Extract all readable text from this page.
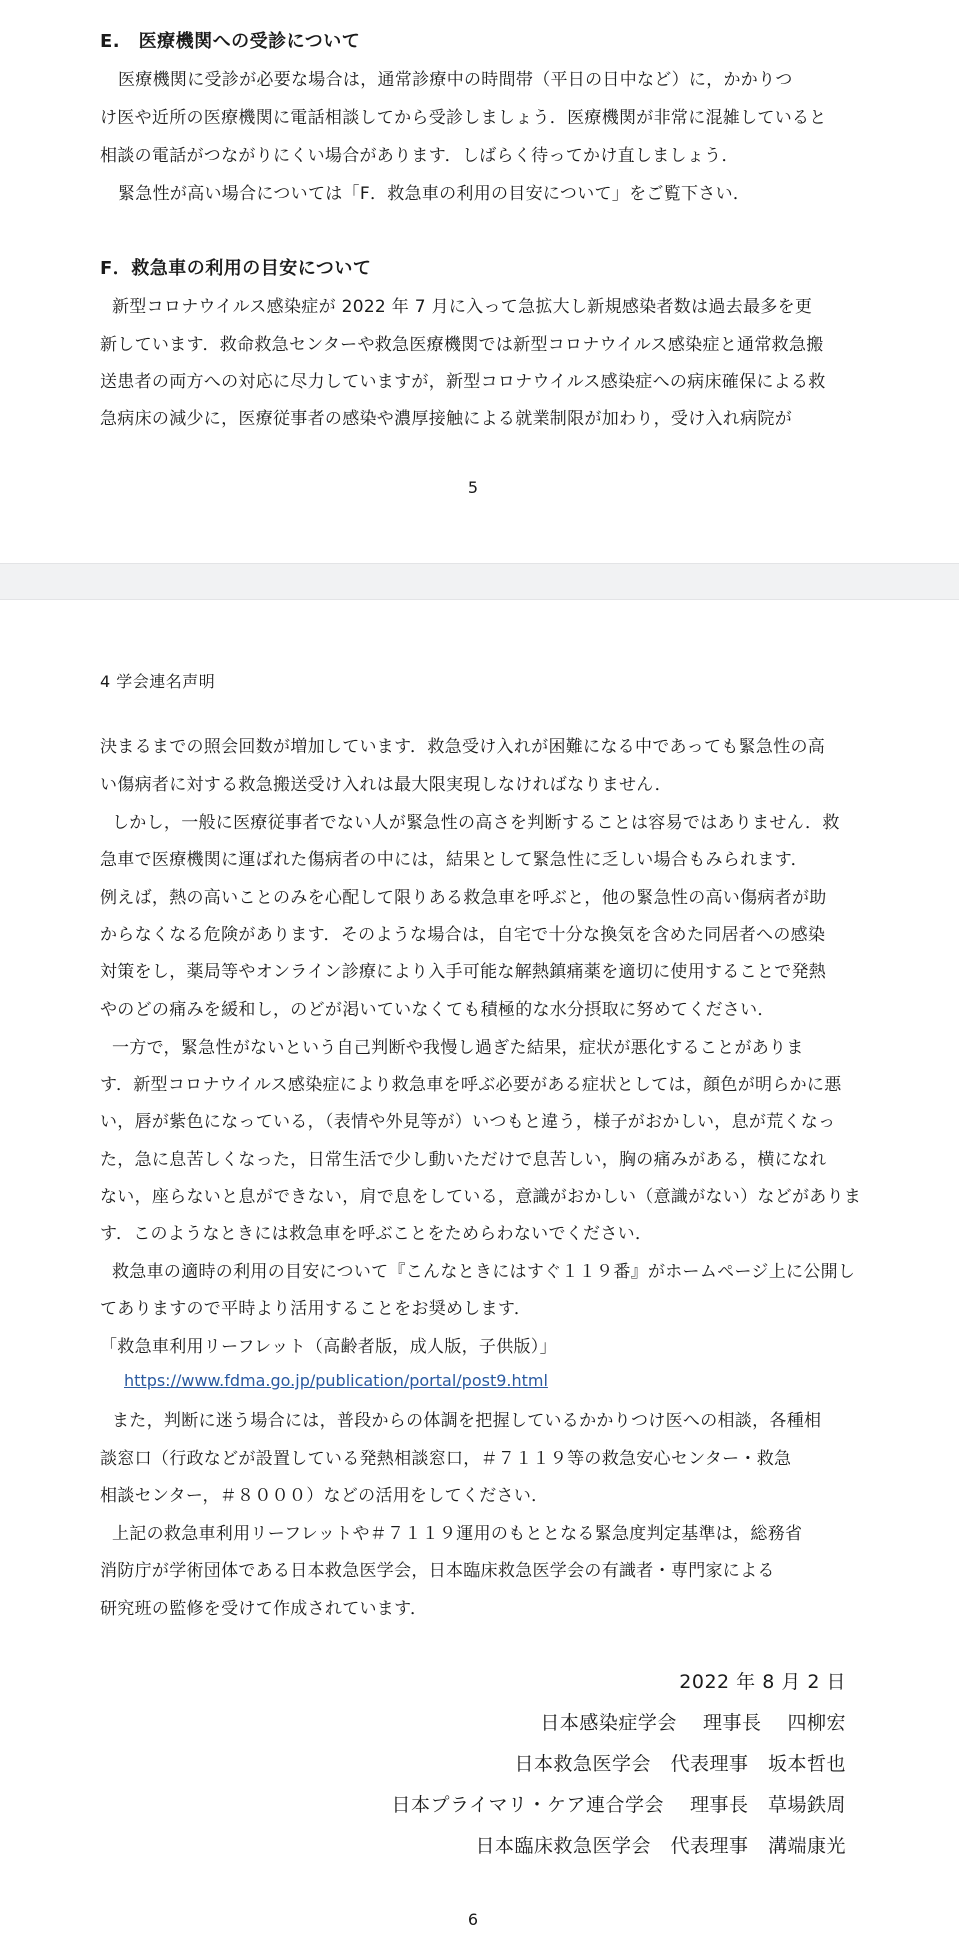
E.　医療機関への受診について
医療機関に受診が必要な場合は，通常診療中の時間帯（平日の日中など）に，かかりつ
け医や近所の医療機関に電話相談してから受診しましょう．医療機関が非常に混雑していると
相談の電話がつながりにくい場合があります．しばらく待ってかけ直しましょう．
緊急性が高い場合については「F．救急車の利用の目安について」をご覧下さい．
F．救急車の利用の目安について
新型コロナウイルス感染症が 2022 年 7 月に入って急拡大し新規感染者数は過去最多を更
新しています．救命救急センターや救急医療機関では新型コロナウイルス感染症と通常救急搬
送患者の両方への対応に尽力していますが，新型コロナウイルス感染症への病床確保による救
急病床の減少に，医療従事者の感染や濃厚接触による就業制限が加わり，受け入れ病院が
5
4 学会連名声明
決まるまでの照会回数が増加しています．救急受け入れが困難になる中であっても緊急性の高
い傷病者に対する救急搬送受け入れは最大限実現しなければなりません．
しかし，一般に医療従事者でない人が緊急性の高さを判断することは容易ではありません．救
急車で医療機関に運ばれた傷病者の中には，結果として緊急性に乏しい場合もみられます．
例えば，熱の高いことのみを心配して限りある救急車を呼ぶと，他の緊急性の高い傷病者が助
からなくなる危険があります．そのような場合は，自宅で十分な換気を含めた同居者への感染
対策をし，薬局等やオンライン診療により入手可能な解熱鎮痛薬を適切に使用することで発熱
やのどの痛みを緩和し，のどが渇いていなくても積極的な水分摂取に努めてください．
一方で，緊急性がないという自己判断や我慢し過ぎた結果，症状が悪化することがありま
す．新型コロナウイルス感染症により救急車を呼ぶ必要がある症状としては，顔色が明らかに悪
い，唇が紫色になっている，（表情や外見等が）いつもと違う，様子がおかしい，息が荒くなっ
た，急に息苦しくなった，日常生活で少し動いただけで息苦しい，胸の痛みがある，横になれ
ない，座らないと息ができない，肩で息をしている，意識がおかしい（意識がない）などがありま
す．このようなときには救急車を呼ぶことをためらわないでください．
救急車の適時の利用の目安について『こんなときにはすぐ１１９番』がホームページ上に公開し
てありますので平時より活用することをお奨めします．
「救急車利用リーフレット（高齢者版，成人版，子供版）」
https://www.fdma.go.jp/publication/portal/post9.html
また，判断に迷う場合には，普段からの体調を把握しているかかりつけ医への相談，各種相
談窓口（行政などが設置している発熱相談窓口，＃７１１９等の救急安心センター・救急
相談センター，＃８０００）などの活用をしてください．
上記の救急車利用リーフレットや＃７１１９運用のもととなる緊急度判定基準は，総務省
消防庁が学術団体である日本救急医学会，日本臨床救急医学会の有識者・専門家による
研究班の監修を受けて作成されています．
2022 年 8 月 2 日
日本感染症学会　 理事長　 四柳宏
日本救急医学会　代表理事　坂本哲也
日本プライマリ・ケア連合学会　 理事長　草場鉄周
日本臨床救急医学会　代表理事　溝端康光
6
